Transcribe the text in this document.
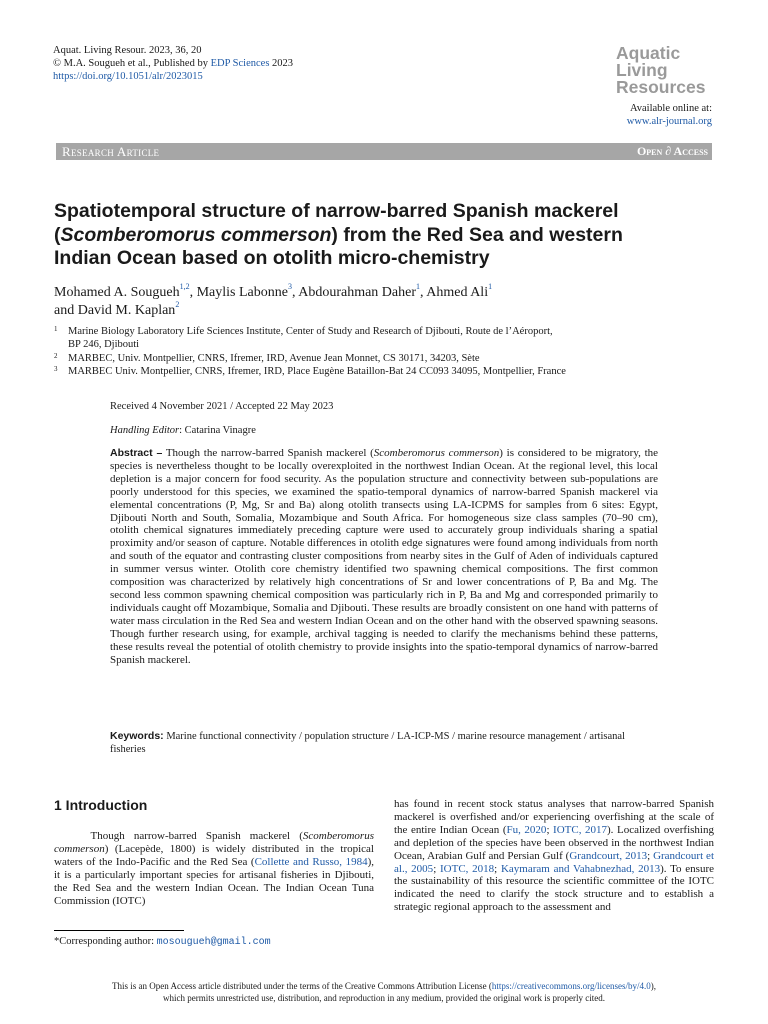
Aquat. Living Resour. 2023, 36, 20
© M.A. Sougueh et al., Published by EDP Sciences 2023
https://doi.org/10.1051/alr/2023015
Aquatic
Living
Resources
Available online at:
www.alr-journal.org
Research Article	Open ∂ Access
Spatiotemporal structure of narrow-barred Spanish mackerel
(Scomberomorus commerson) from the Red Sea and western
Indian Ocean based on otolith micro-chemistry
Mohamed A. Sougueh$^{1,2}$, Maylis Labonne$^3$, Abdourahman Daher$^1$, Ahmed Ali$^1$
and David M. Kaplan$^2$
1	Marine Biology Laboratory Life Sciences Institute, Center of Study and Research of Djibouti, Route de l’Aéroport,
BP 246, Djibouti
2	MARBEC, Univ. Montpellier, CNRS, Ifremer, IRD, Avenue Jean Monnet, CS 30171, 34203, Sète
3	MARBEC Univ. Montpellier, CNRS, Ifremer, IRD, Place Eugène Bataillon-Bat 24 CC093 34095, Montpellier, France
Received 4 November 2021 / Accepted 22 May 2023
Handling Editor: Catarina Vinagre
Abstract – Though the narrow-barred Spanish mackerel (Scomberomorus commerson) is considered to be migratory, the species is nevertheless thought to be locally overexploited in the northwest Indian Ocean. At the regional level, this local depletion is a major concern for food security. As the population structure and connectivity between sub-populations are poorly understood for this species, we examined the spatio-temporal dynamics of narrow-barred Spanish mackerel via elemental concentrations (P, Mg, Sr and Ba) along otolith transects using LA-ICPMS for samples from 6 sites: Egypt, Djibouti North and South, Somalia, Mozambique and South Africa. For homogeneous size class samples (70–90 cm), otolith chemical signatures immediately preceding capture were used to accurately group individuals sharing a spatial proximity and/or season of capture. Notable differences in otolith edge signatures were found among individuals from north and south of the equator and contrasting cluster compositions from nearby sites in the Gulf of Aden of individuals captured in summer versus winter. Otolith core chemistry identified two spawning chemical compositions. The first common composition was characterized by relatively high concentrations of Sr and lower concentrations of P, Ba and Mg. The second less common spawning chemical composition was particularly rich in P, Ba and Mg and corresponded primarily to individuals caught off Mozambique, Somalia and Djibouti. These results are broadly consistent on one hand with patterns of water mass circulation in the Red Sea and western Indian Ocean and on the other hand with the observed spawning seasons. Though further research using, for example, archival tagging is needed to clarify the mechanisms behind these patterns, these results reveal the potential of otolith chemistry to provide insights into the spatio-temporal dynamics of narrow-barred Spanish mackerel.
Keywords: Marine functional connectivity / population structure / LA-ICP-MS / marine resource management / artisanal fisheries
1 Introduction
Though narrow-barred Spanish mackerel (Scomberomorus commerson) (Lacepède, 1800) is widely distributed in the tropical waters of the Indo-Pacific and the Red Sea (Collette and Russo, 1984), it is a particularly important species for artisanal fisheries in Djibouti, the Red Sea and the western Indian Ocean. The Indian Ocean Tuna Commission (IOTC)
has found in recent stock status analyses that narrow-barred Spanish mackerel is overfished and/or experiencing overfishing at the scale of the entire Indian Ocean (Fu, 2020; IOTC, 2017). Localized overfishing and depletion of the species have been observed in the northwest Indian Ocean, Arabian Gulf and Persian Gulf (Grandcourt, 2013; Grandcourt et al., 2005; IOTC, 2018; Kaymaram and Vahabnezhad, 2013). To ensure the sustainability of this resource the scientific committee of the IOTC indicated the need to clarify the stock structure and to establish a strategic regional approach to the assessment and
*Corresponding author: mosougueh@gmail.com
This is an Open Access article distributed under the terms of the Creative Commons Attribution License (https://creativecommons.org/licenses/by/4.0),
which permits unrestricted use, distribution, and reproduction in any medium, provided the original work is properly cited.
